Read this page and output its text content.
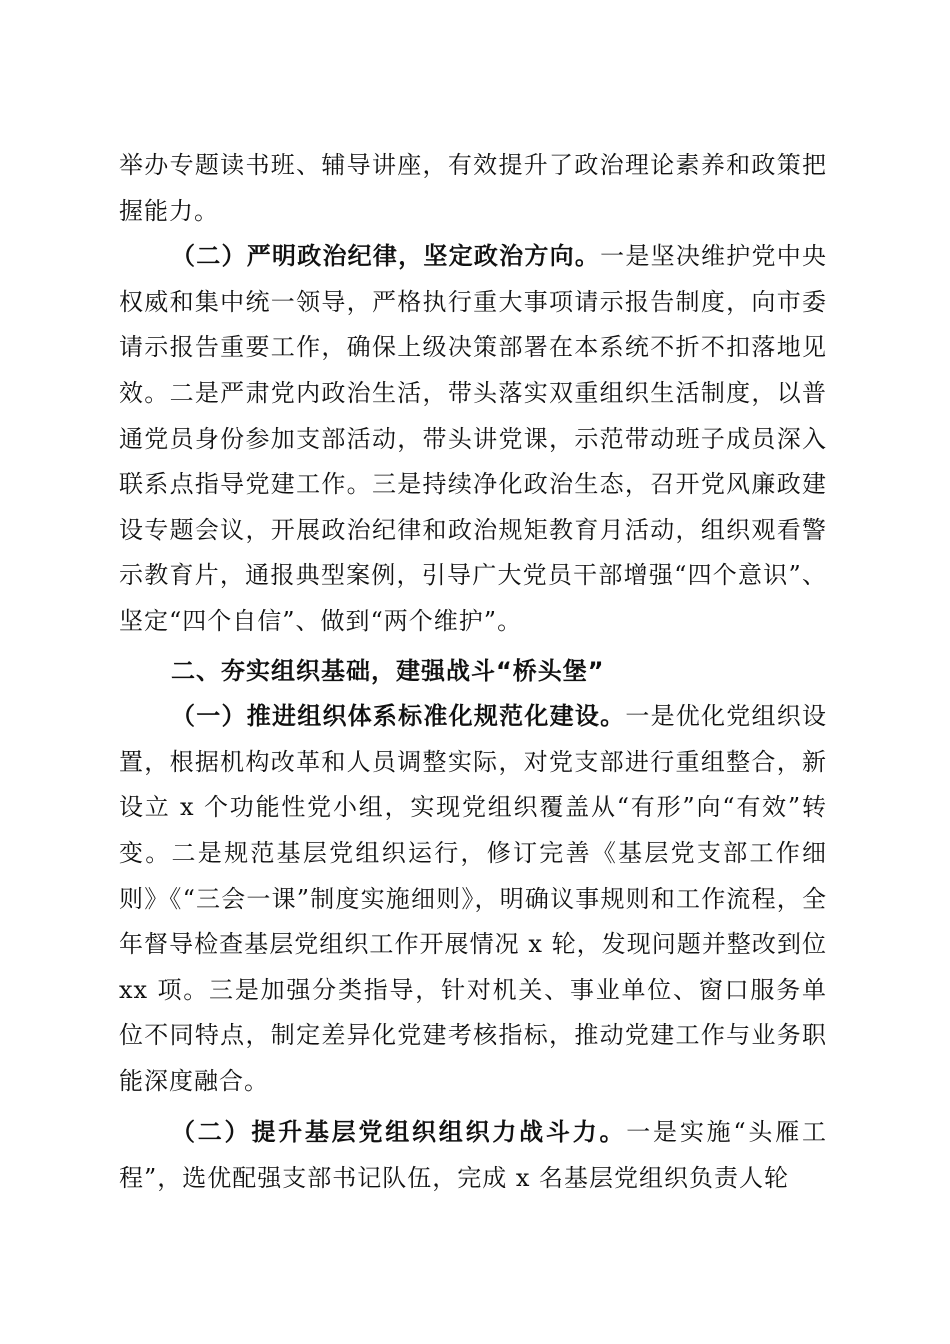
举办专题读书班、辅导讲座，有效提升了政治理论素养和政策把握能力。

（二）严明政治纪律，坚定政治方向。一是坚决维护党中央权威和集中统一领导，严格执行重大事项请示报告制度，向市委请示报告重要工作，确保上级决策部署在本系统不折不扣落地见效。二是严肃党内政治生活，带头落实双重组织生活制度，以普通党员身份参加支部活动，带头讲党课，示范带动班子成员深入联系点指导党建工作。三是持续净化政治生态，召开党风廉政建设专题会议，开展政治纪律和政治规矩教育月活动，组织观看警示教育片，通报典型案例，引导广大党员干部增强“四个意识”、坚定“四个自信”、做到“两个维护”。

二、夯实组织基础，建强战斗“桥头堡”

（一）推进组织体系标准化规范化建设。一是优化党组织设置，根据机构改革和人员调整实际，对党支部进行重组整合，新设立 x 个功能性党小组，实现党组织覆盖从“有形”向“有效”转变。二是规范基层党组织运行，修订完善《基层党支部工作细则》《“三会一课”制度实施细则》，明确议事规则和工作流程，全年督导检查基层党组织工作开展情况 x 轮，发现问题并整改到位 xx 项。三是加强分类指导，针对机关、事业单位、窗口服务单位不同特点，制定差异化党建考核指标，推动党建工作与业务职能深度融合。

（二）提升基层党组织组织力战斗力。一是实施“头雁工程”，选优配强支部书记队伍，完成 x 名基层党组织负责人轮
